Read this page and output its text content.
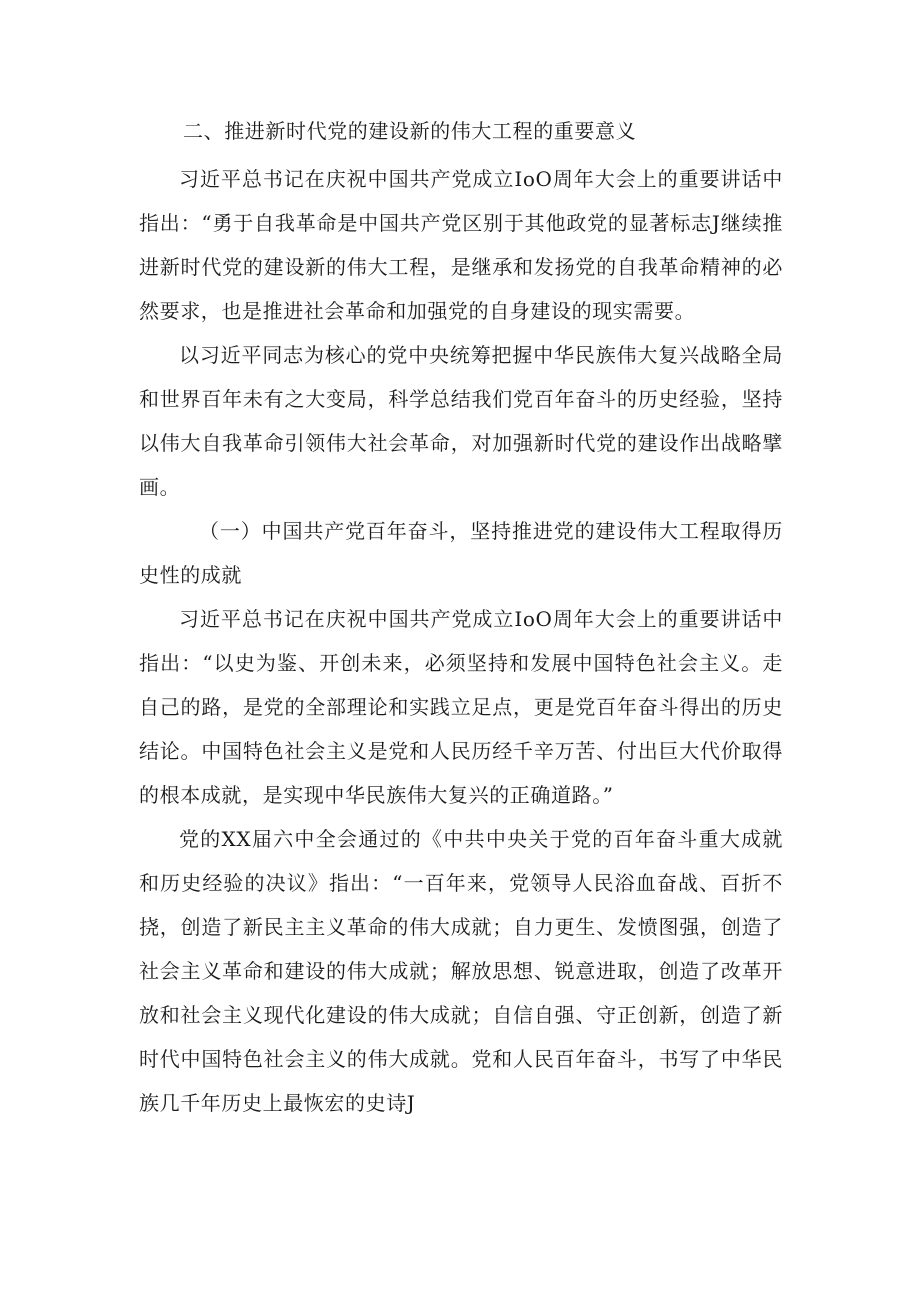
二、推进新时代党的建设新的伟大工程的重要意义

习近平总书记在庆祝中国共产党成立IoO周年大会上的重要讲话中指出：“勇于自我革命是中国共产党区别于其他政党的显著标志J继续推进新时代党的建设新的伟大工程，是继承和发扬党的自我革命精神的必然要求，也是推进社会革命和加强党的自身建设的现实需要。

以习近平同志为核心的党中央统筹把握中华民族伟大复兴战略全局和世界百年未有之大变局，科学总结我们党百年奋斗的历史经验，坚持以伟大自我革命引领伟大社会革命，对加强新时代党的建设作出战略擘画。

（一）中国共产党百年奋斗，坚持推进党的建设伟大工程取得历史性的成就

习近平总书记在庆祝中国共产党成立IoO周年大会上的重要讲话中指出：“以史为鉴、开创未来，必须坚持和发展中国特色社会主义。走自己的路，是党的全部理论和实践立足点，更是党百年奋斗得出的历史结论。中国特色社会主义是党和人民历经千辛万苦、付出巨大代价取得的根本成就，是实现中华民族伟大复兴的正确道路。”

党的XX届六中全会通过的《中共中央关于党的百年奋斗重大成就和历史经验的决议》指出：“一百年来，党领导人民浴血奋战、百折不挠，创造了新民主主义革命的伟大成就；自力更生、发愤图强，创造了社会主义革命和建设的伟大成就；解放思想、锐意进取，创造了改革开放和社会主义现代化建设的伟大成就；自信自强、守正创新，创造了新时代中国特色社会主义的伟大成就。党和人民百年奋斗，书写了中华民族几千年历史上最恢宏的史诗J
